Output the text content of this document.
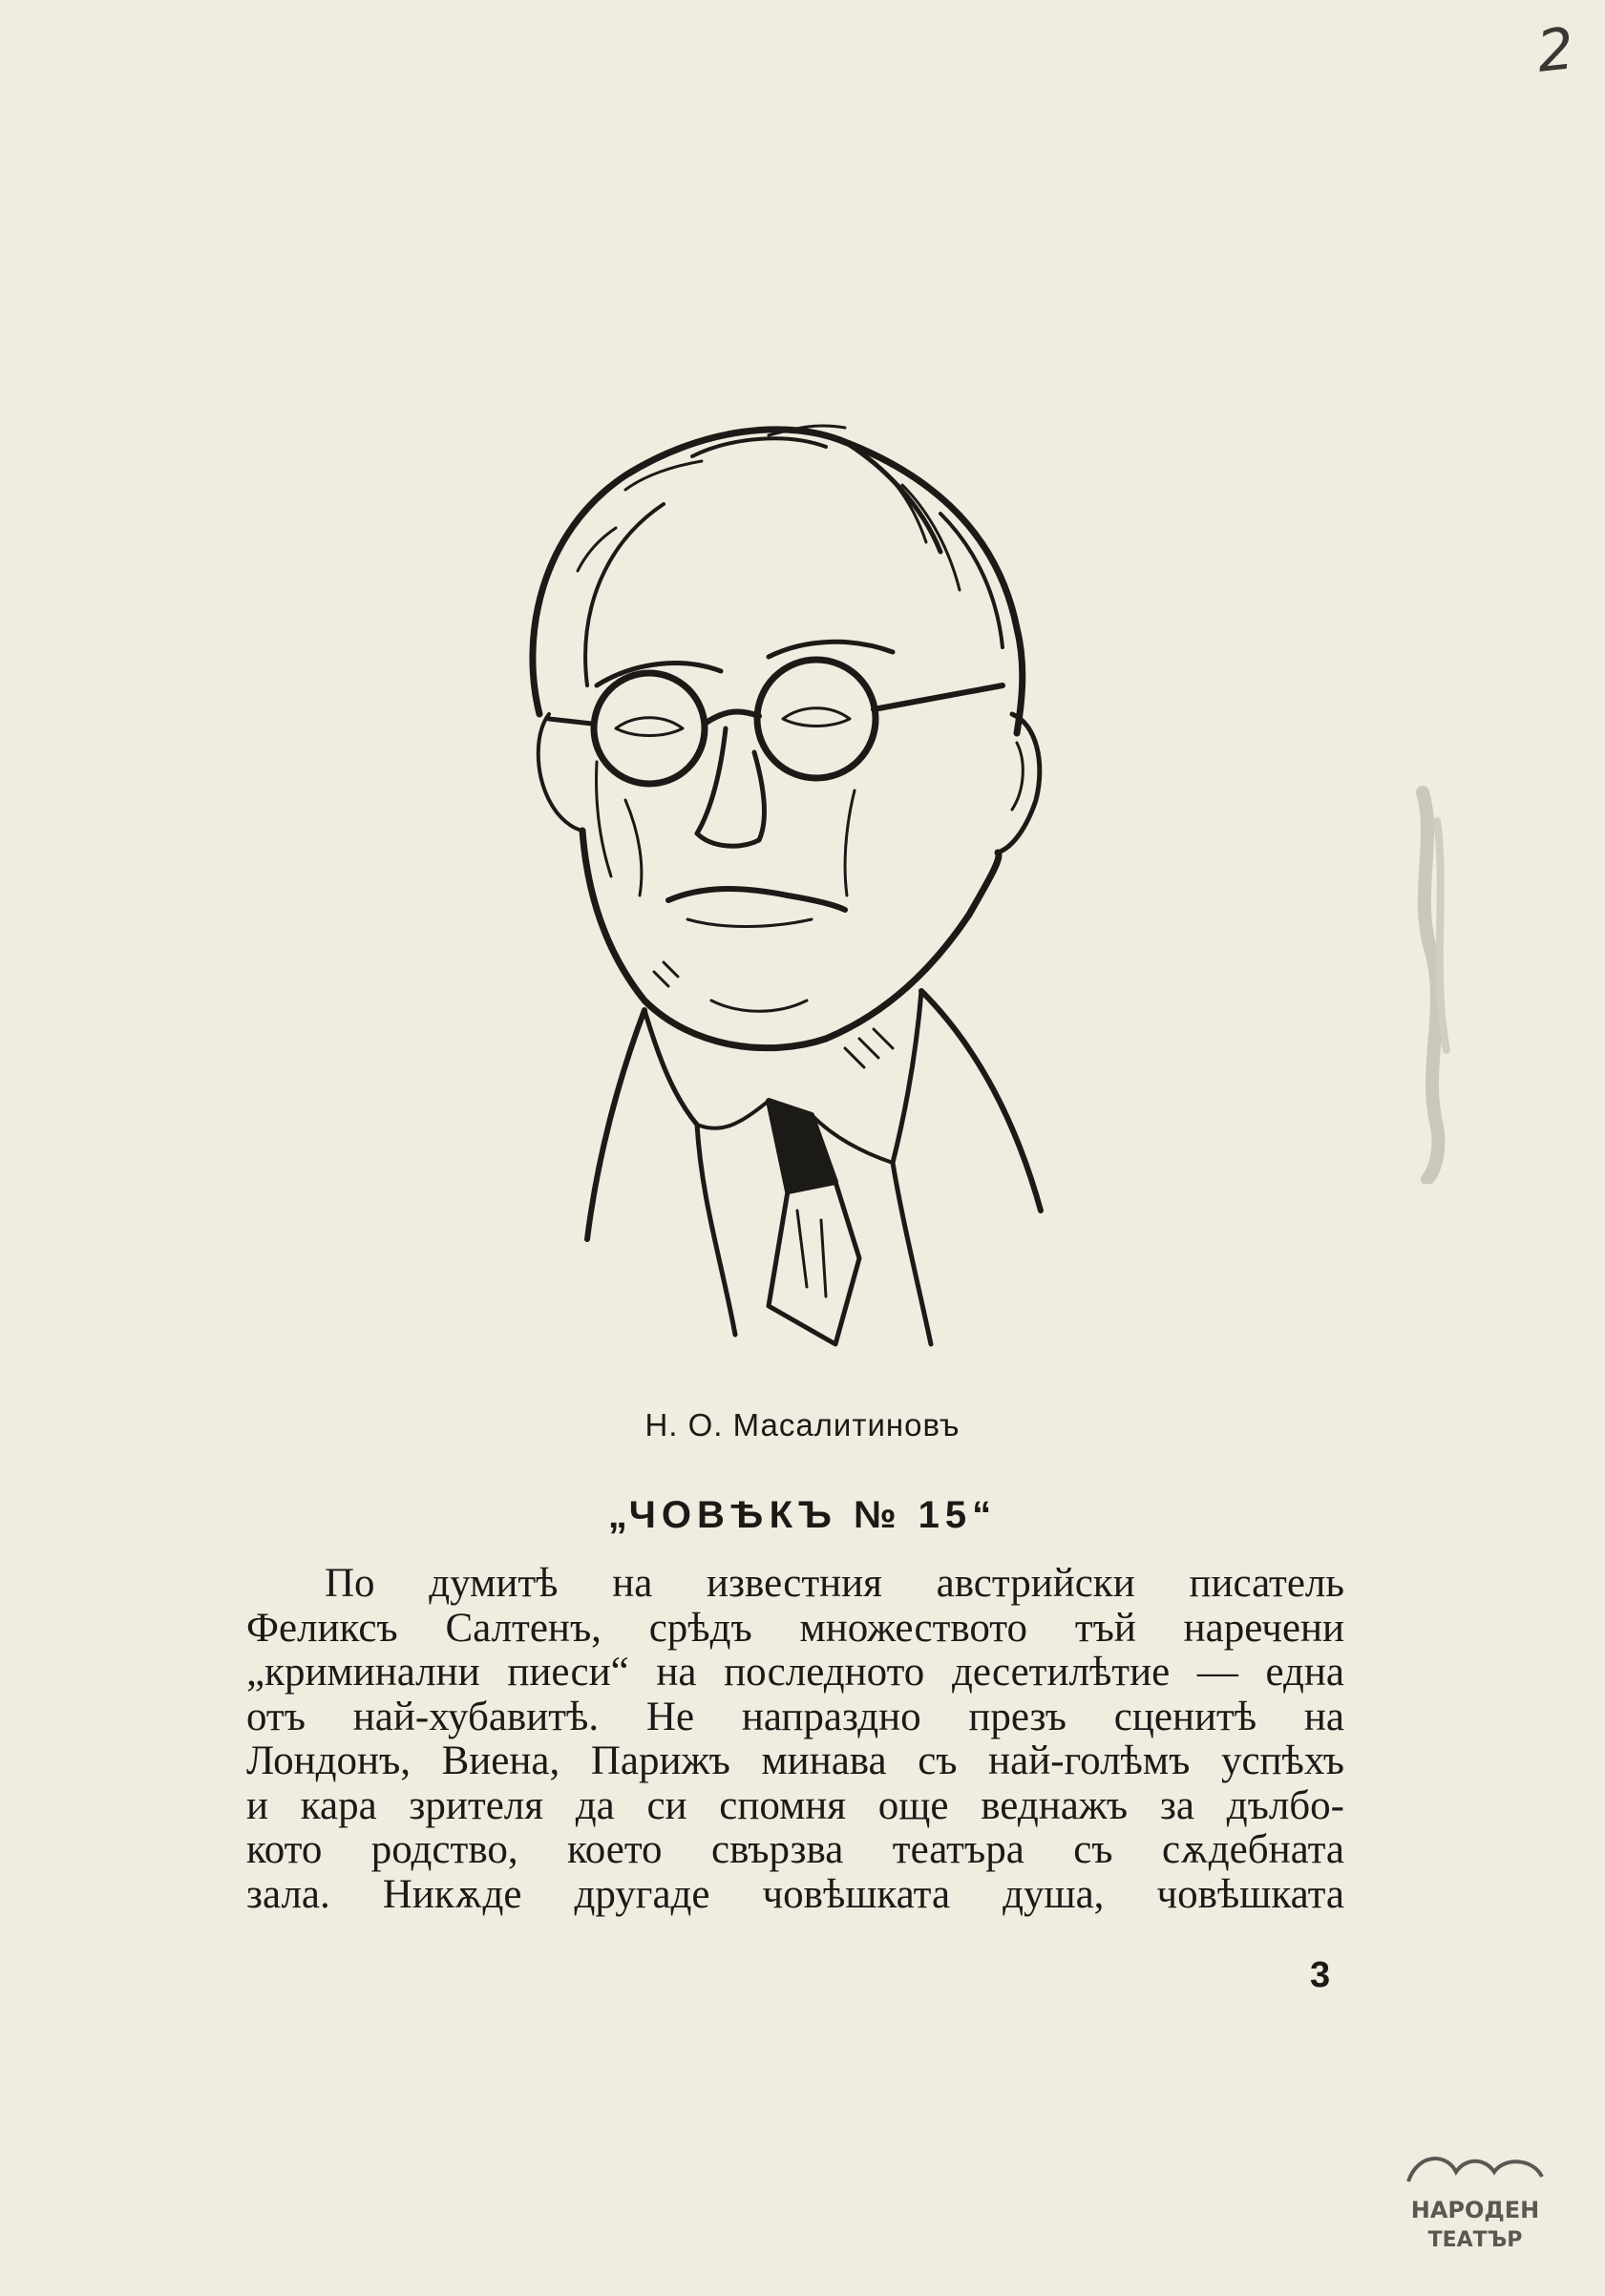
2
Н. О. Масалитиновъ
„ЧОВѢКЪ № 15“
По думитѣ на известния австрийски писатель
Феликсъ Салтенъ, срѣдъ множеството тъй наречени
„криминални пиеси“ на последното десетилѣтие — една
отъ най-хубавитѣ. Не напраздно презъ сценитѣ на
Лондонъ, Виена, Парижъ минава съ най-голѣмъ успѣхъ
и кара зрителя да си спомня още веднажъ за дълбо-
кото родство, което свързва театъра съ сѫдебната
зала. Никѫде другаде човѣшката душа, човѣшката
3
НАРОДЕН
ТЕАТЪР
